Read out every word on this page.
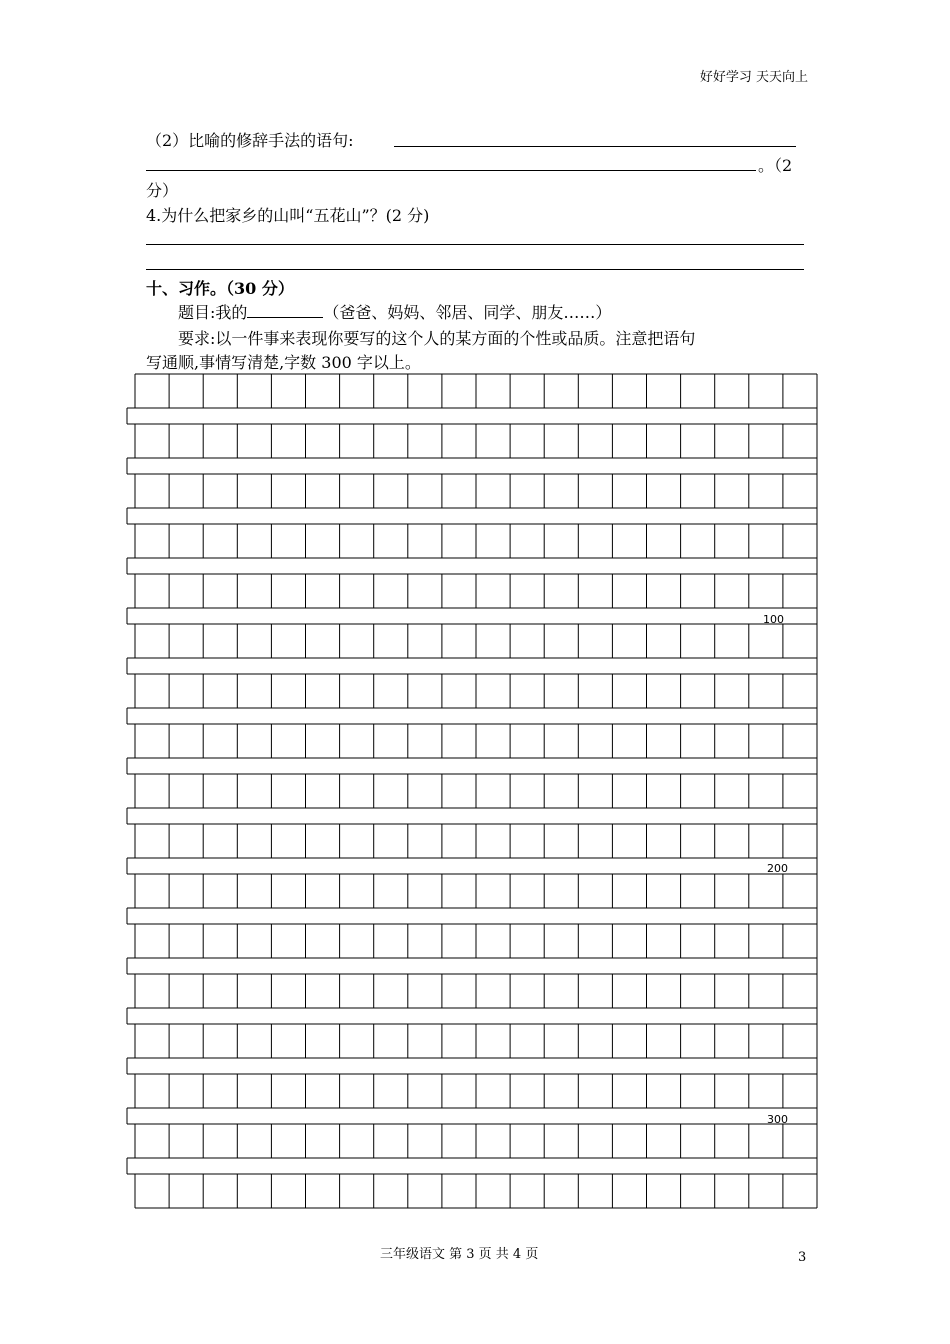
好好学习 天天向上
（2）比喻的修辞手法的语句:
。（2
分）
4.为什么把家乡的山叫“五花山”？(2 分)
十、习作。（30 分）
题目:我的	（爸爸、妈妈、邻居、同学、朋友……）
要求:以一件事来表现你要写的这个人的某方面的个性或品质。注意把语句
写通顺,事情写清楚,字数 300 字以上。
100
200
300
三年级语文 第 3 页 共 4 页	3
